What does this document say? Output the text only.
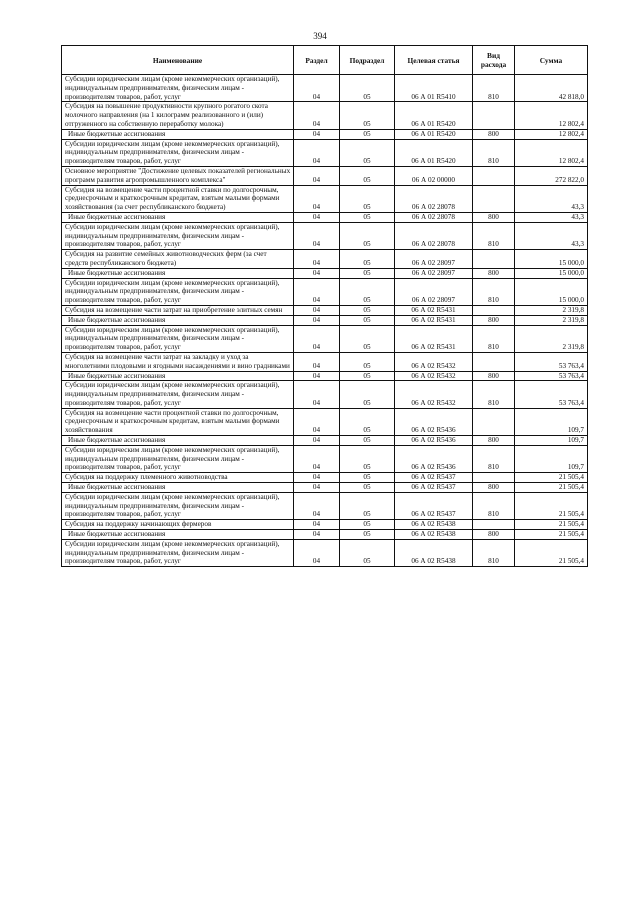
394
Наименование	Раздел	Подраздел	Целевая статья	Вид расхода	Сумма
Субсидии юридическим лицам (кроме некоммерческих организаций), индивидуальным предпринимателям, физическим лицам - производителям товаров, работ, услуг	04	05	06 А 01 R5410	810	42 818,0
Субсидия на повышение продуктивности крупного рогатого скота молочного направления (на 1 килограмм реализованного и (или) отгруженного на собственную переработку молока)	04	05	06 А 01 R5420		12 802,4
Иные бюджетные ассигнования	04	05	06 А 01 R5420	800	12 802,4
Субсидии юридическим лицам (кроме некоммерческих организаций), индивидуальным предпринимателям, физическим лицам - производителям товаров, работ, услуг	04	05	06 А 01 R5420	810	12 802,4
Основное мероприятие "Достижение целевых показателей региональных программ развития агропромышленного комплекса"	04	05	06 А 02 00000		272 822,0
Субсидия на возмещение части процентной ставки по долгосрочным, среднесрочным и краткосрочным кредитам, взятым малыми формами хозяйствования (за счет республиканского бюджета)	04	05	06 А 02 28078		43,3
Иные бюджетные ассигнования	04	05	06 А 02 28078	800	43,3
Субсидии юридическим лицам (кроме некоммерческих организаций), индивидуальным предпринимателям, физическим лицам - производителям товаров, работ, услуг	04	05	06 А 02 28078	810	43,3
Субсидия на развитие семейных животноводческих ферм (за счет средств республиканского бюджета)	04	05	06 А 02 28097		15 000,0
Иные бюджетные ассигнования	04	05	06 А 02 28097	800	15 000,0
Субсидии юридическим лицам (кроме некоммерческих организаций), индивидуальным предпринимателям, физическим лицам - производителям товаров, работ, услуг	04	05	06 А 02 28097	810	15 000,0
Субсидия на возмещение части затрат на приобретение элитных семян	04	05	06 А 02 R5431		2 319,8
Иные бюджетные ассигнования	04	05	06 А 02 R5431	800	2 319,8
Субсидии юридическим лицам (кроме некоммерческих организаций), индивидуальным предпринимателям, физическим лицам - производителям товаров, работ, услуг	04	05	06 А 02 R5431	810	2 319,8
Субсидия на возмещение части затрат на закладку и уход за многолетними плодовыми и ягодными насаждениями и вино градниками	04	05	06 А 02 R5432		53 763,4
Иные бюджетные ассигнования	04	05	06 А 02 R5432	800	53 763,4
Субсидии юридическим лицам (кроме некоммерческих организаций), индивидуальным предпринимателям, физическим лицам - производителям товаров, работ, услуг	04	05	06 А 02 R5432	810	53 763,4
Субсидия на возмещение части процентной ставки по долгосрочным, среднесрочным и краткосрочным кредитам, взятым малыми формами хозяйствования	04	05	06 А 02 R5436		109,7
Иные бюджетные ассигнования	04	05	06 А 02 R5436	800	109,7
Субсидии юридическим лицам (кроме некоммерческих организаций), индивидуальным предпринимателям, физическим лицам - производителям товаров, работ, услуг	04	05	06 А 02 R5436	810	109,7
Субсидия на поддержку племенного животноводства	04	05	06 А 02 R5437		21 505,4
Иные бюджетные ассигнования	04	05	06 А 02 R5437	800	21 505,4
Субсидии юридическим лицам (кроме некоммерческих организаций), индивидуальным предпринимателям, физическим лицам - производителям товаров, работ, услуг	04	05	06 А 02 R5437	810	21 505,4
Субсидия на поддержку начинающих фермеров	04	05	06 А 02 R5438		21 505,4
Иные бюджетные ассигнования	04	05	06 А 02 R5438	800	21 505,4
Субсидии юридическим лицам (кроме некоммерческих организаций), индивидуальным предпринимателям, физическим лицам - производителям товаров, работ, услуг	04	05	06 А 02 R5438	810	21 505,4
